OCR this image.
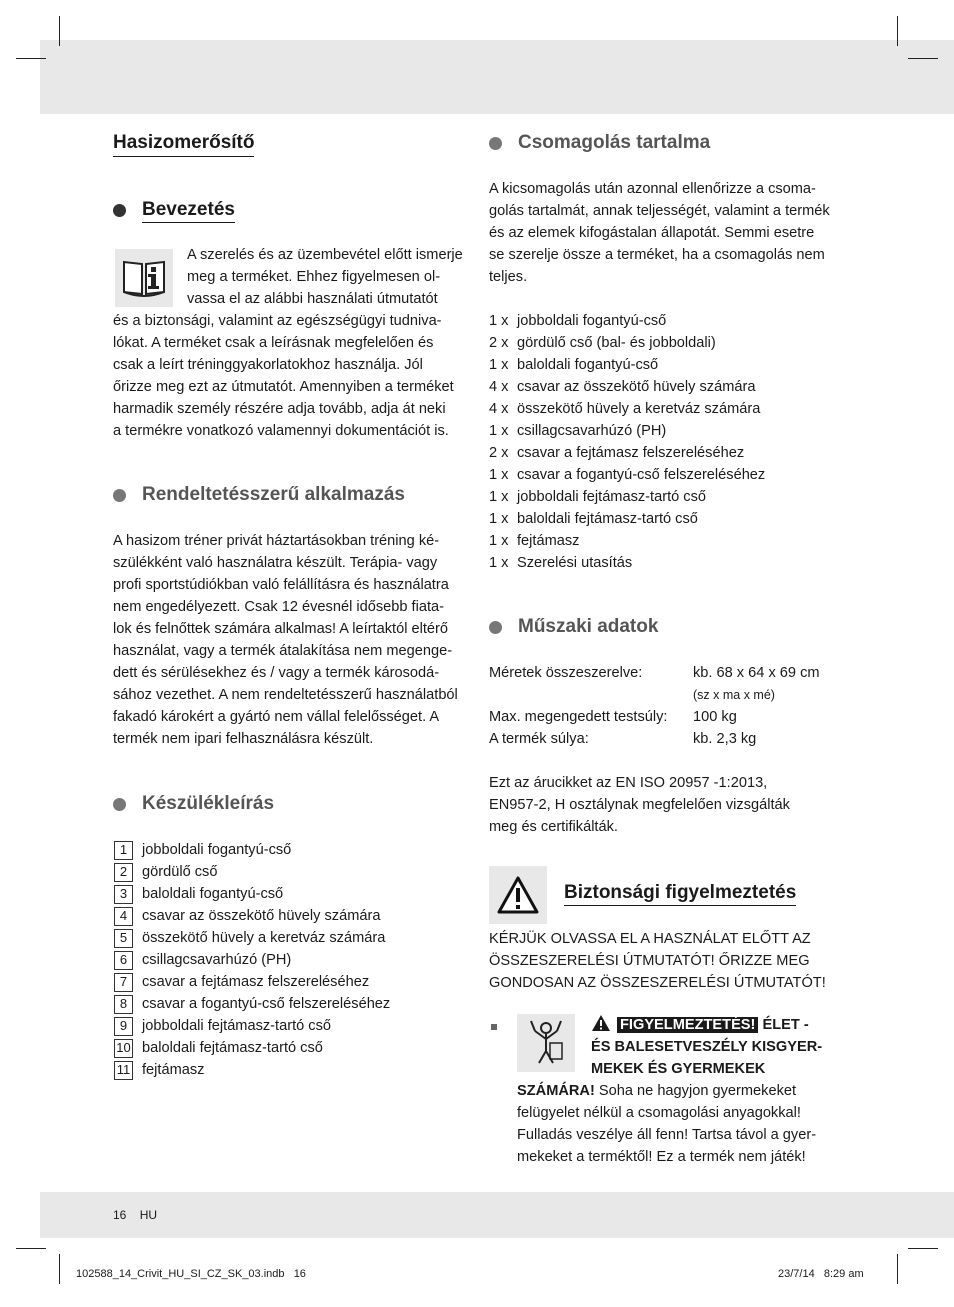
Hasizomerősítő
Bevezetés
A szerelés és az üzembevétel előtt ismerje
meg a terméket. Ehhez figyelmesen ol-
vassa el az alábbi használati útmutatót
és a biztonsági, valamint az egészségügyi tudniva-
lókat. A terméket csak a leírásnak megfelelően és
csak a leírt tréninggyakorlatokhoz használja. Jól
őrizze meg ezt az útmutatót. Amennyiben a terméket
harmadik személy részére adja tovább, adja át neki
a termékre vonatkozó valamennyi dokumentációt is.
Rendeltetésszerű alkalmazás
A hasizom tréner privát háztartásokban tréning ké-
szülékként való használatra készült. Terápia- vagy
profi sportstúdiókban való felállításra és használatra
nem engedélyezett. Csak 12 évesnél idősebb fiata-
lok és felnőttek számára alkalmas! A leírtaktól eltérő
használat, vagy a termék átalakítása nem megenge-
dett és sérülésekhez és / vagy a termék károsodá-
sához vezethet. A nem rendeltetésszerű használatból
fakadó károkért a gyártó nem vállal felelősséget. A
termék nem ipari felhasználásra készült.
Készülékleírás
1	jobboldali fogantyú-cső
2	gördülő cső
3	baloldali fogantyú-cső
4	csavar az összekötő hüvely számára
5	összekötő hüvely a keretváz számára
6	csillagcsavarhúzó (PH)
7	csavar a fejtámasz felszereléséhez
8	csavar a fogantyú-cső felszereléséhez
9	jobboldali fejtámasz-tartó cső
10 baloldali fejtámasz-tartó cső
11 fejtámasz
Csomagolás tartalma
A kicsomagolás után azonnal ellenőrizze a csoma-
golás tartalmát, annak teljességét, valamint a termék
és az elemek kifogástalan állapotát. Semmi esetre
se szerelje össze a terméket, ha a csomagolás nem
teljes.
1 x jobboldali fogantyú-cső
2 x gördülő cső (bal- és jobboldali)
1 x baloldali fogantyú-cső
4 x csavar az összekötő hüvely számára
4 x összekötő hüvely a keretváz számára
1 x csillagcsavarhúzó (PH)
2 x csavar a fejtámasz felszereléséhez
1 x csavar a fogantyú-cső felszereléséhez
1 x jobboldali fejtámasz-tartó cső
1 x baloldali fejtámasz-tartó cső
1 x fejtámasz
1 x Szerelési utasítás
Műszaki adatok
Méretek összeszerelve:	kb. 68 x 64 x 69 cm
(sz x ma x mé)
Max. megengedett testsúly:	100 kg
A termék súlya:	kb. 2,3 kg
Ezt az árucikket az EN ISO 20957 -1:2013,
EN957-2, H osztálynak megfelelően vizsgálták
meg és certifikálták.
Biztonsági figyelmeztetés
KÉRJÜK OLVASSA EL A HASZNÁLAT ELŐTT AZ
ÖSSZESZERELÉSI ÚTMUTATÓT! ŐRIZZE MEG
GONDOSAN AZ ÖSSZESZERELÉSI ÚTMUTATÓT!
FIGYELMEZTETÉS! ÉLET -
ÉS BALESETVESZÉLY KISGYER-
MEKEK ÉS GYERMEKEK
SZÁMÁRA! Soha ne hagyjon gyermekeket
felügyelet nélkül a csomagolási anyagokkal!
Fulladás veszélye áll fenn! Tartsa távol a gyer-
mekeket a terméktől! Ez a termék nem játék!
16 HU
102588_14_Crivit_HU_SI_CZ_SK_03.indb   16	23/7/14   8:29 am
